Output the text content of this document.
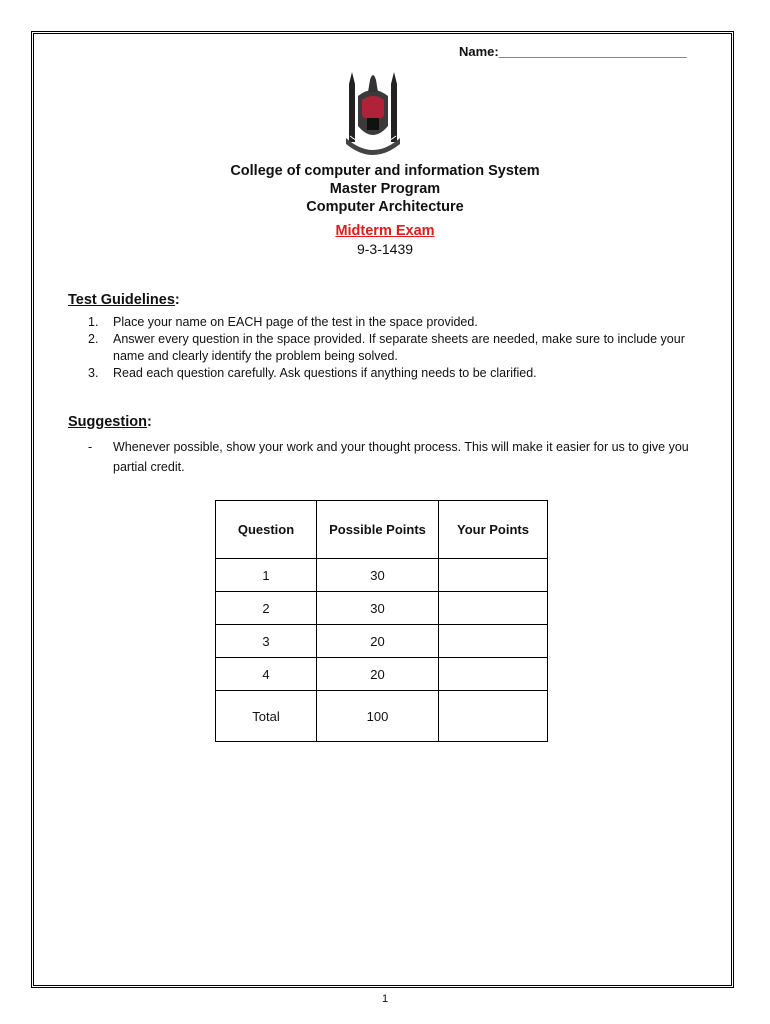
Name:__________________________
College of computer and information System
Master Program
Computer Architecture
Midterm Exam
9-3-1439
Test Guidelines:
1. Place your name on EACH page of the test in the space provided.
2. Answer every question in the space provided. If separate sheets are needed, make sure to include your name and clearly identify the problem being solved.
3. Read each question carefully. Ask questions if anything needs to be clarified.
Suggestion:
- Whenever possible, show your work and your thought process. This will make it easier for us to give you partial credit.
Question	Possible Points	Your Points
1	30	
2	30	
3	20	
4	20	
Total	100	
1
